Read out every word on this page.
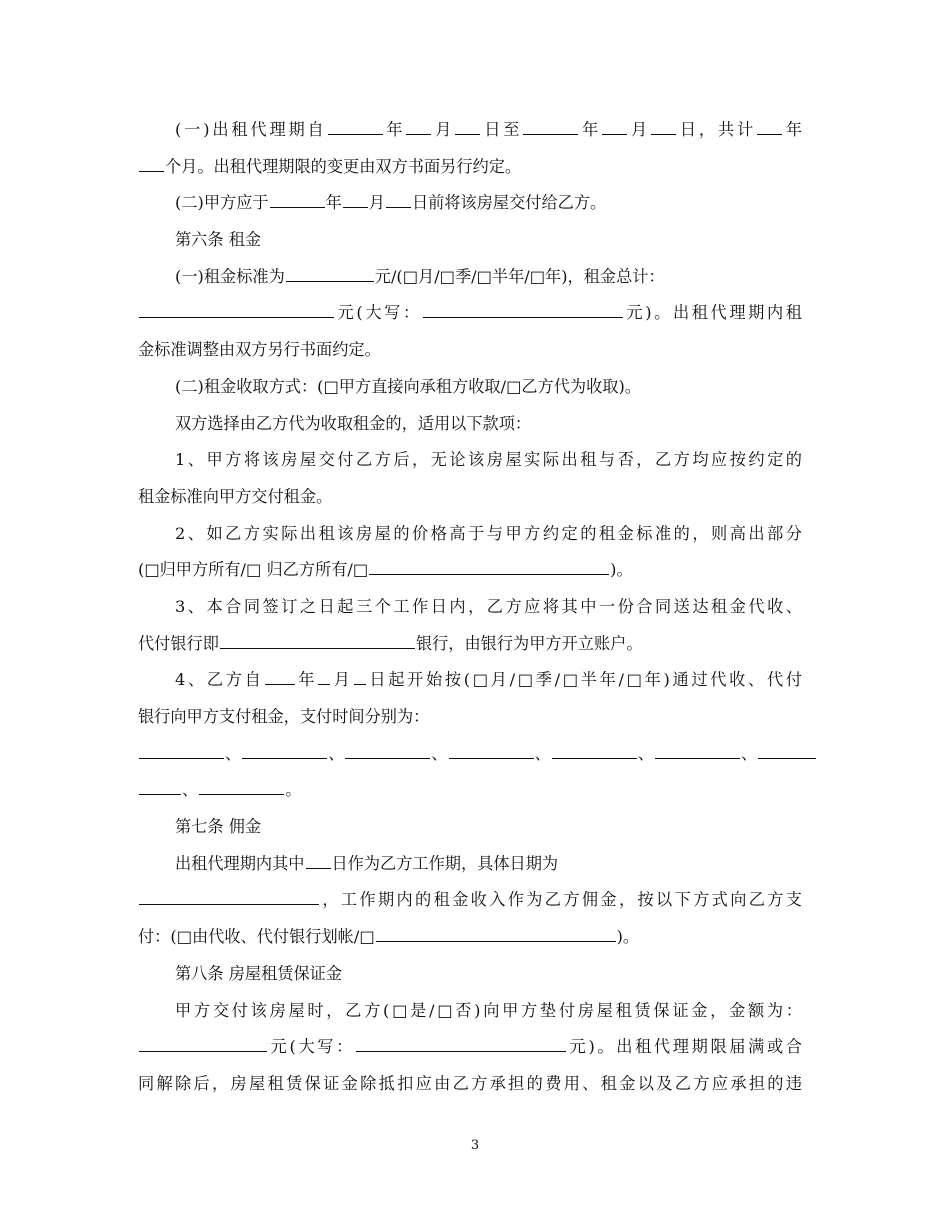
(一)出租代理期自	年 月 日至	年 月 日，共计 年
个月。出租代理期限的变更由双方书面另行约定。
(二)甲方应于	年 月 日前将该房屋交付给乙方。
第六条 租金
(一)租金标准为	元/(□月/□季/□半年/□年)，租金总计：
元(大写：	元)。出租代理期内租
金标准调整由双方另行书面约定。
(二)租金收取方式：(□甲方直接向承租方收取/□乙方代为收取)。
双方选择由乙方代为收取租金的，适用以下款项：
1、甲方将该房屋交付乙方后，无论该房屋实际出租与否，乙方均应按约定的
租金标准向甲方交付租金。
2、如乙方实际出租该房屋的价格高于与甲方约定的租金标准的，则高出部分
(□归甲方所有/□ 归乙方所有/□	)。
3、本合同签订之日起三个工作日内，乙方应将其中一份合同送达租金代收、
代付银行即	银行，由银行为甲方开立账户。
4、乙方自 年 月 日起开始按(□月/□季/□半年/□年)通过代收、代付
银行向甲方支付租金，支付时间分别为：
、	、	、	、	、	、
、	。
第七条 佣金
出租代理期内其中 日作为乙方工作期，具体日期为
，工作期内的租金收入作为乙方佣金，按以下方式向乙方支
付：(□由代收、代付银行划帐/□	)。
第八条 房屋租赁保证金
甲方交付该房屋时，乙方(□是/□否)向甲方垫付房屋租赁保证金，金额为：
元(大写：	元)。出租代理期限届满或合
同解除后，房屋租赁保证金除抵扣应由乙方承担的费用、租金以及乙方应承担的违
3
